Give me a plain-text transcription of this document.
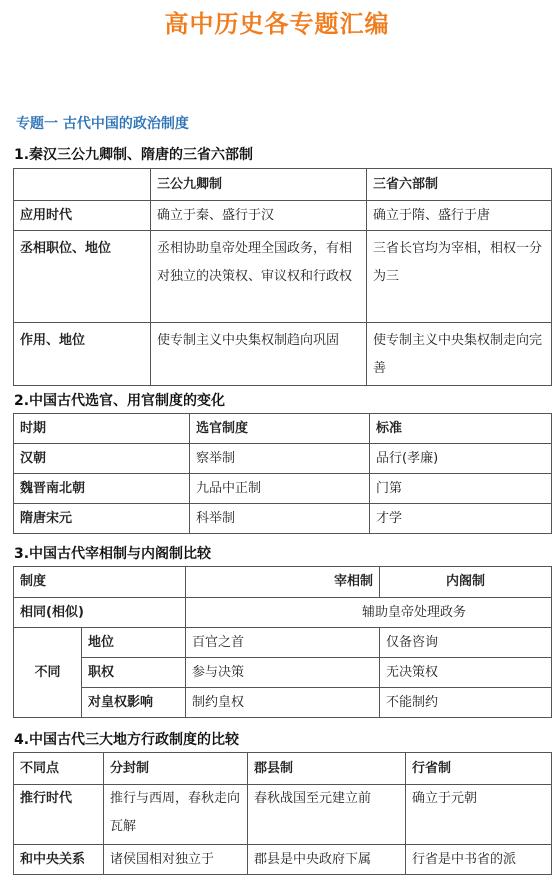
高中历史各专题汇编
专题一 古代中国的政治制度
1.秦汉三公九卿制、隋唐的三省六部制
	三公九卿制	三省六部制
应用时代	确立于秦、盛行于汉	确立于隋、盛行于唐
丞相职位、地位	丞相协助皇帝处理全国政务，有相对独立的决策权、审议权和行政权	三省长官均为宰相，相权一分为三
作用、地位	使专制主义中央集权制趋向巩固	使专制主义中央集权制走向完善
2.中国古代选官、用官制度的变化
时期	选官制度	标准
汉朝	察举制	品行(孝廉)
魏晋南北朝	九品中正制	门第
隋唐宋元	科举制	才学
3.中国古代宰相制与内阁制比较
制度		宰相制	内阁制
相同(相似)		辅助皇帝处理政务	
不同	地位	百官之首	仅备咨询
	职权	参与决策	无决策权
	对皇权影响	制约皇权	不能制约
4.中国古代三大地方行政制度的比较
不同点	分封制	郡县制	行省制
推行时代	推行与西周，春秋走向瓦解	春秋战国至元建立前	确立于元朝
和中央关系	诸侯国相对独立于	郡县是中央政府下属	行省是中书省的派
